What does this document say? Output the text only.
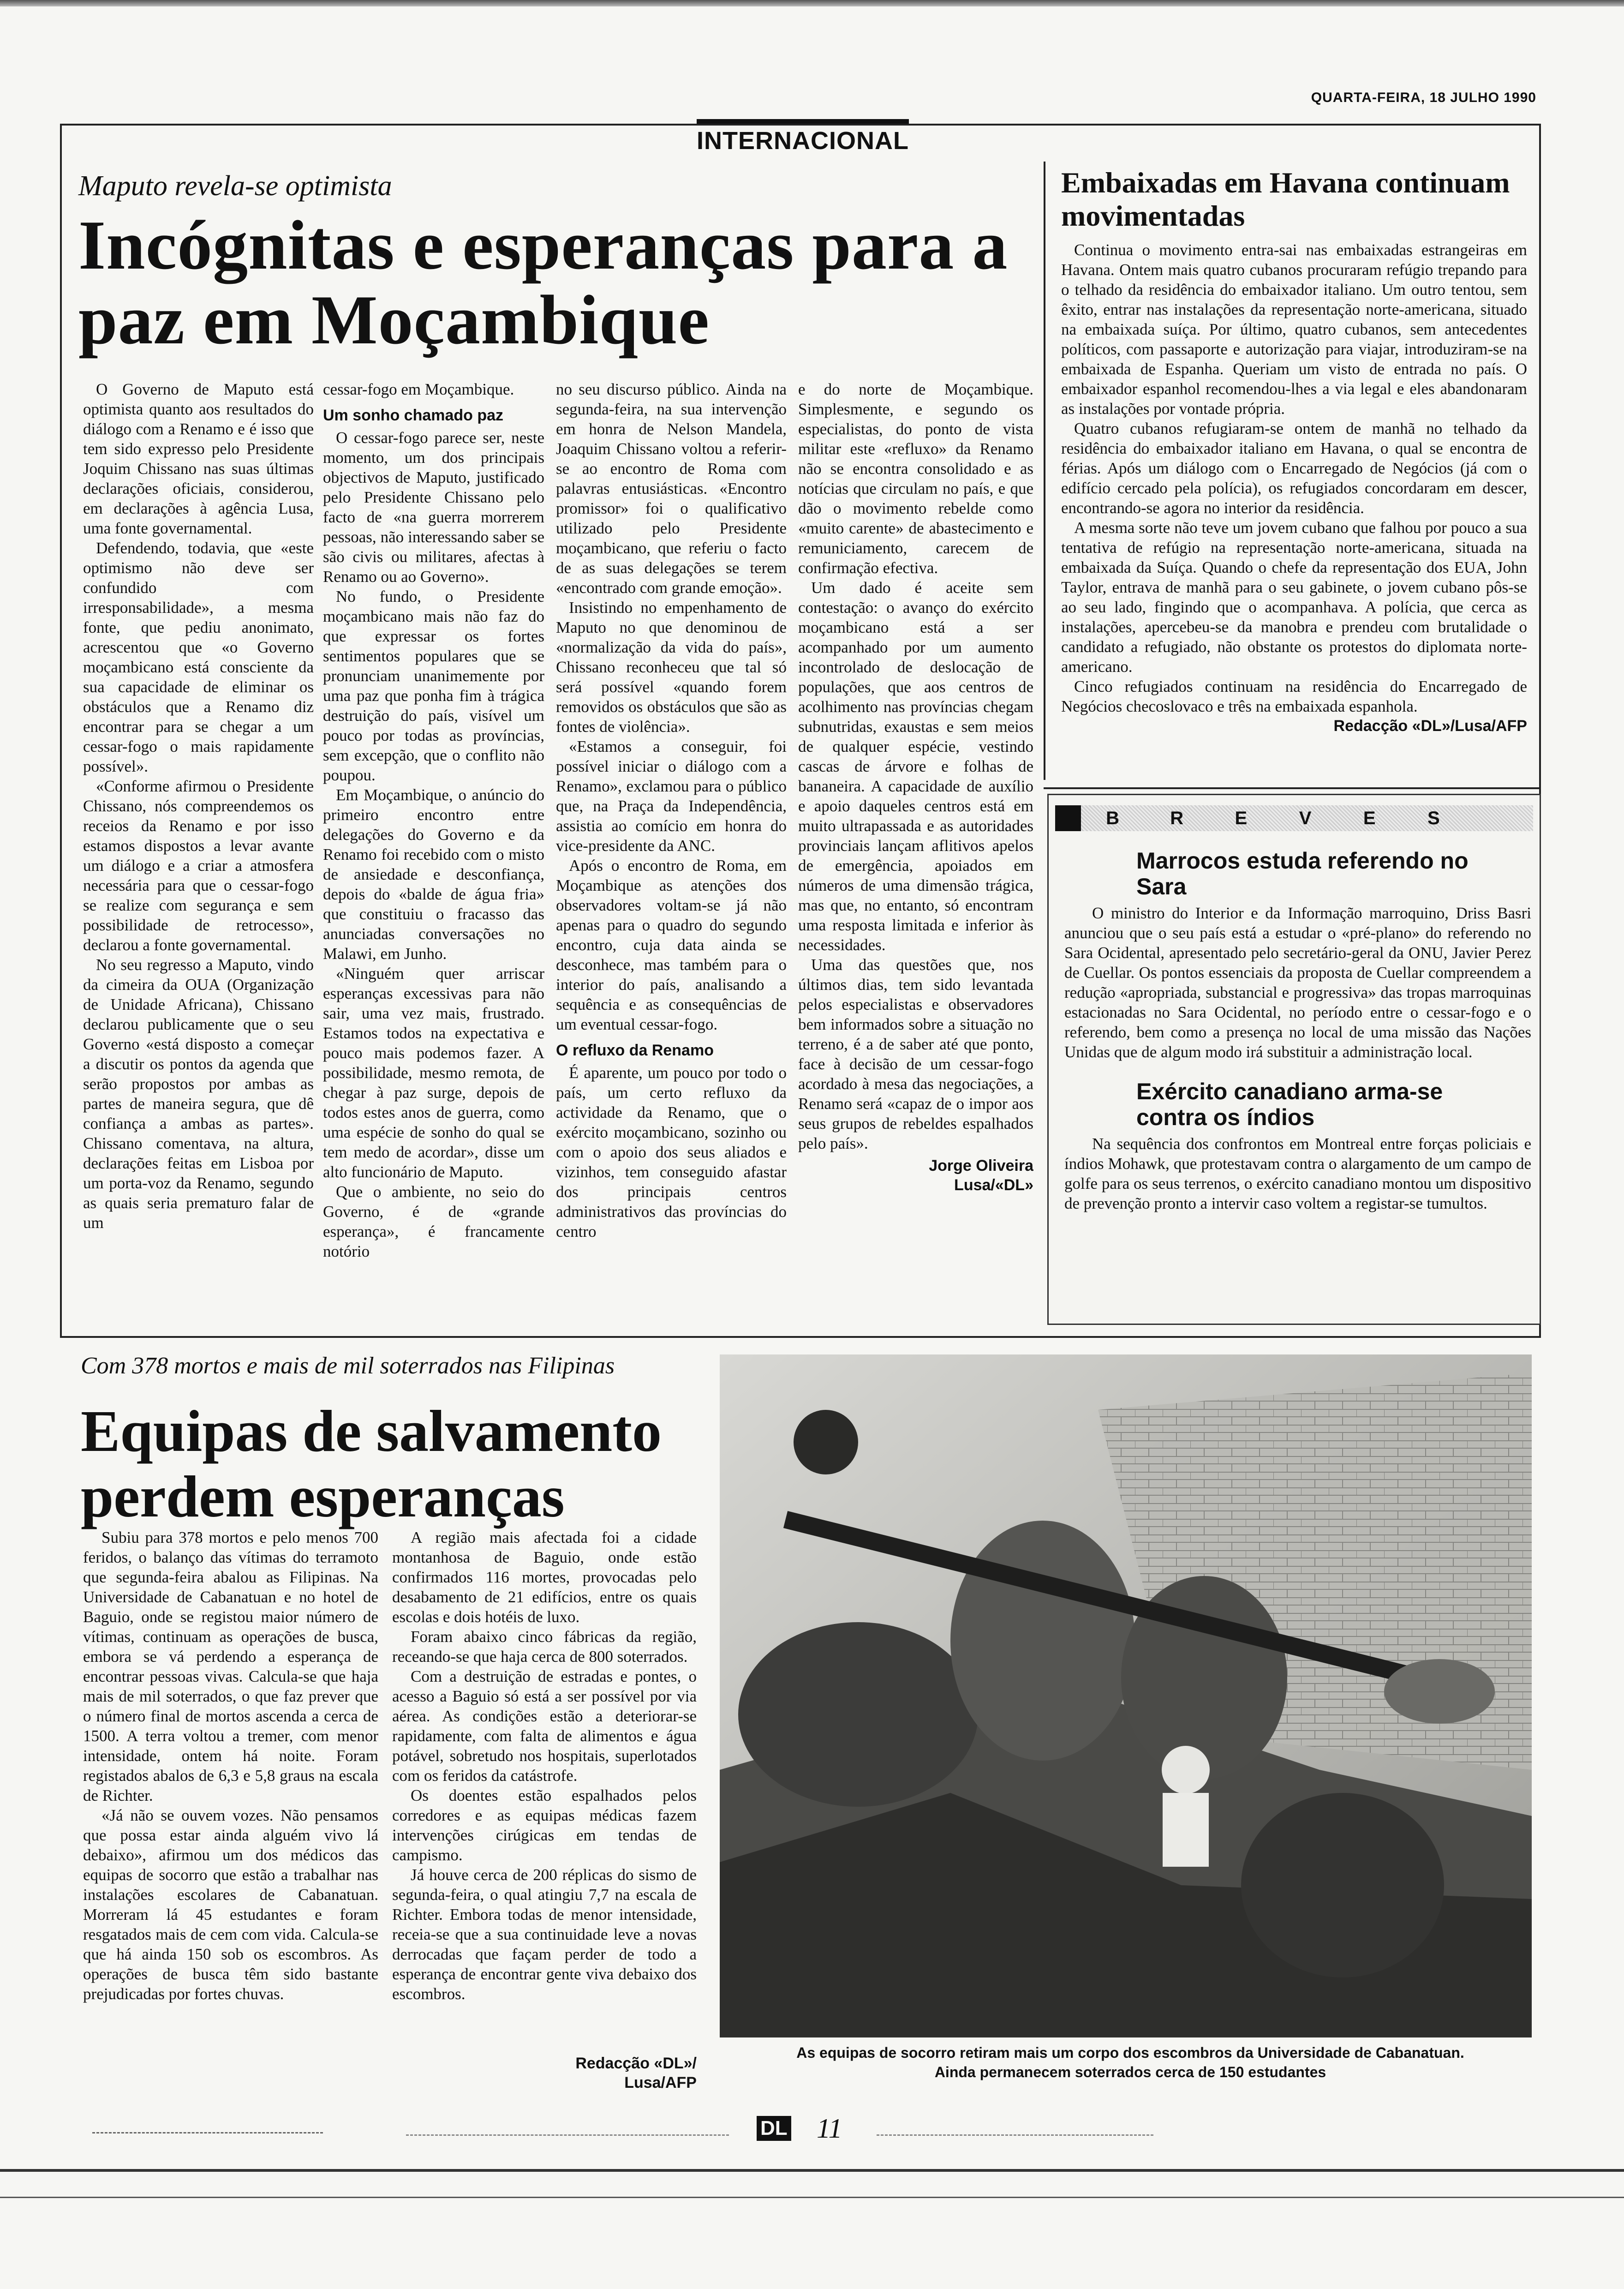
QUARTA-FEIRA, 18 JULHO 1990
INTERNACIONAL
Maputo revela-se optimista
Incógnitas e esperanças para a paz em Moçambique

O Governo de Maputo está optimista quanto aos resultados do diálogo com a Renamo e é isso que tem sido expresso pelo Presidente Joquim Chissano nas suas últimas declarações oficiais, considerou, em declarações à agência Lusa, uma fonte governamental.

Defendendo, todavia, que «este optimismo não deve ser confundido com irresponsabilidade», a mesma fonte, que pediu anonimato, acrescentou que «o Governo moçambicano está consciente da sua capacidade de eliminar os obstáculos que a Renamo diz encontrar para se chegar a um cessar-fogo o mais rapidamente possível».

«Conforme afirmou o Presidente Chissano, nós compreendemos os receios da Renamo e por isso estamos dispostos a levar avante um diálogo e a criar a atmosfera necessária para que o cessar-fogo se realize com segurança e sem possibilidade de retrocesso», declarou a fonte governamental.

No seu regresso a Maputo, vindo da cimeira da OUA (Organização de Unidade Africana), Chissano declarou publicamente que o seu Governo «está disposto a começar a discutir os pontos da agenda que serão propostos por ambas as partes de maneira segura, que dê confiança a ambas as partes». Chissano comentava, na altura, declarações feitas em Lisboa por um porta-voz da Renamo, segundo as quais seria prematuro falar de um

cessar-fogo em Moçambique.

Um sonho chamado paz

O cessar-fogo parece ser, neste momento, um dos principais objectivos de Maputo, justificado pelo Presidente Chissano pelo facto de «na guerra morrerem pessoas, não interessando saber se são civis ou militares, afectas à Renamo ou ao Governo».

No fundo, o Presidente moçambicano mais não faz do que expressar os fortes sentimentos populares que se pronunciam unanimemente por uma paz que ponha fim à trágica destruição do país, visível um pouco por todas as províncias, sem excepção, que o conflito não poupou.

Em Moçambique, o anúncio do primeiro encontro entre delegações do Governo e da Renamo foi recebido com o misto de ansiedade e desconfiança, depois do «balde de água fria» que constituiu o fracasso das anunciadas conversações no Malawi, em Junho.

«Ninguém quer arriscar esperanças excessivas para não sair, uma vez mais, frustrado. Estamos todos na expectativa e pouco mais podemos fazer. A possibilidade, mesmo remota, de chegar à paz surge, depois de todos estes anos de guerra, como uma espécie de sonho do qual se tem medo de acordar», disse um alto funcionário de Maputo.

Que o ambiente, no seio do Governo, é de «grande esperança», é francamente notório

no seu discurso público. Ainda na segunda-feira, na sua intervenção em honra de Nelson Mandela, Joaquim Chissano voltou a referir-se ao encontro de Roma com palavras entusiásticas. «Encontro promissor» foi o qualificativo utilizado pelo Presidente moçambicano, que referiu o facto de as suas delegações se terem «encontrado com grande emoção».

Insistindo no empenhamento de Maputo no que denominou de «normalização da vida do país», Chissano reconheceu que tal só será possível «quando forem removidos os obstáculos que são as fontes de violência».

«Estamos a conseguir, foi possível iniciar o diálogo com a Renamo», exclamou para o público que, na Praça da Independência, assistia ao comício em honra do vice-presidente da ANC.

Após o encontro de Roma, em Moçambique as atenções dos observadores voltam-se já não apenas para o quadro do segundo encontro, cuja data ainda se desconhece, mas também para o interior do país, analisando a sequência e as consequências de um eventual cessar-fogo.

O refluxo da Renamo

É aparente, um pouco por todo o país, um certo refluxo da actividade da Renamo, que o exército moçambicano, sozinho ou com o apoio dos seus aliados e vizinhos, tem conseguido afastar dos principais centros administrativos das províncias do centro

e do norte de Moçambique. Simplesmente, e segundo os especialistas, do ponto de vista militar este «refluxo» da Renamo não se encontra consolidado e as notícias que circulam no país, e que dão o movimento rebelde como «muito carente» de abastecimento e remuniciamento, carecem de confirmação efectiva.

Um dado é aceite sem contestação: o avanço do exército moçambicano está a ser acompanhado por um aumento incontrolado de deslocação de populações, que aos centros de acolhimento nas províncias chegam subnutridas, exaustas e sem meios de qualquer espécie, vestindo cascas de árvore e folhas de bananeira. A capacidade de auxílio e apoio daqueles centros está em muito ultrapassada e as autoridades provinciais lançam aflitivos apelos de emergência, apoiados em números de uma dimensão trágica, mas que, no entanto, só encontram uma resposta limitada e inferior às necessidades.

Uma das questões que, nos últimos dias, tem sido levantada pelos especialistas e observadores bem informados sobre a situação no terreno, é a de saber até que ponto, face à decisão de um cessar-fogo acordado à mesa das negociações, a Renamo será «capaz de o impor aos seus grupos de rebeldes espalhados pelo país».

Jorge Oliveira
Lusa/«DL»

Embaixadas em Havana continuam movimentadas

Continua o movimento entra-sai nas embaixadas estrangeiras em Havana. Ontem mais quatro cubanos procuraram refúgio trepando para o telhado da residência do embaixador italiano. Um outro tentou, sem êxito, entrar nas instalações da representação norte-americana, situado na embaixada suíça. Por último, quatro cubanos, sem antecedentes políticos, com passaporte e autorização para viajar, introduziram-se na embaixada de Espanha. Queriam um visto de entrada no país. O embaixador espanhol recomendou-lhes a via legal e eles abandonaram as instalações por vontade própria.

Quatro cubanos refugiaram-se ontem de manhã no telhado da residência do embaixador italiano em Havana, o qual se encontra de férias. Após um diálogo com o Encarregado de Negócios (já com o edifício cercado pela polícia), os refugiados concordaram em descer, encontrando-se agora no interior da residência.

A mesma sorte não teve um jovem cubano que falhou por pouco a sua tentativa de refúgio na representação norte-americana, situada na embaixada da Suíça. Quando o chefe da representação dos EUA, John Taylor, entrava de manhã para o seu gabinete, o jovem cubano pôs-se ao seu lado, fingindo que o acompanhava. A polícia, que cerca as instalações, apercebeu-se da manobra e prendeu com brutalidade o candidato a refugiado, não obstante os protestos do diplomata norte-americano.

Cinco refugiados continuam na residência do Encarregado de Negócios checoslovaco e três na embaixada espanhola.

Redacção «DL»/Lusa/AFP

B	R	E	V	E	S
Marrocos estuda referendo no Sara

O ministro do Interior e da Informação marroquino, Driss Basri anunciou que o seu país está a estudar o «pré-plano» do referendo no Sara Ocidental, apresentado pelo secretário-geral da ONU, Javier Perez de Cuellar. Os pontos essenciais da proposta de Cuellar compreendem a redução «apropriada, substancial e progressiva» das tropas marroquinas estacionadas no Sara Ocidental, no período entre o cessar-fogo e o referendo, bem como a presença no local de uma missão das Nações Unidas que de algum modo irá substituir a administração local.

Exército canadiano arma-se contra os índios

Na sequência dos confrontos em Montreal entre forças policiais e índios Mohawk, que protestavam contra o alargamento de um campo de golfe para os seus terrenos, o exército canadiano montou um dispositivo de prevenção pronto a intervir caso voltem a registar-se tumultos.

Com 378 mortos e mais de mil soterrados nas Filipinas
Equipas de salvamento perdem esperanças

Subiu para 378 mortos e pelo menos 700 feridos, o balanço das vítimas do terramoto que segunda-feira abalou as Filipinas. Na Universidade de Cabanatuan e no hotel de Baguio, onde se registou maior número de vítimas, continuam as operações de busca, embora se vá perdendo a esperança de encontrar pessoas vivas. Calcula-se que haja mais de mil soterrados, o que faz prever que o número final de mortos ascenda a cerca de 1500. A terra voltou a tremer, com menor intensidade, ontem há noite. Foram registados abalos de 6,3 e 5,8 graus na escala de Richter.

«Já não se ouvem vozes. Não pensamos que possa estar ainda alguém vivo lá debaixo», afirmou um dos médicos das equipas de socorro que estão a trabalhar nas instalações escolares de Cabanatuan. Morreram lá 45 estudantes e foram resgatados mais de cem com vida. Calcula-se que há ainda 150 sob os escombros. As operações de busca têm sido bastante prejudicadas por fortes chuvas.

A região mais afectada foi a cidade montanhosa de Baguio, onde estão confirmados 116 mortes, provocadas pelo desabamento de 21 edifícios, entre os quais escolas e dois hotéis de luxo.

Foram abaixo cinco fábricas da região, receando-se que haja cerca de 800 soterrados.

Com a destruição de estradas e pontes, o acesso a Baguio só está a ser possível por via aérea. As condições estão a deteriorar-se rapidamente, com falta de alimentos e água potável, sobretudo nos hospitais, superlotados com os feridos da catástrofe.

Os doentes estão espalhados pelos corredores e as equipas médicas fazem intervenções cirúgicas em tendas de campismo.

Já houve cerca de 200 réplicas do sismo de segunda-feira, o qual atingiu 7,7 na escala de Richter. Embora todas de menor intensidade, receia-se que a sua continuidade leve a novas derrocadas que façam perder de todo a esperança de encontrar gente viva debaixo dos escombros.

Redacção «DL»/
Lusa/AFP

As equipas de socorro retiram mais um corpo dos escombros da Universidade de Cabanatuan.
Ainda permanecem soterrados cerca de 150 estudantes
DL 11
